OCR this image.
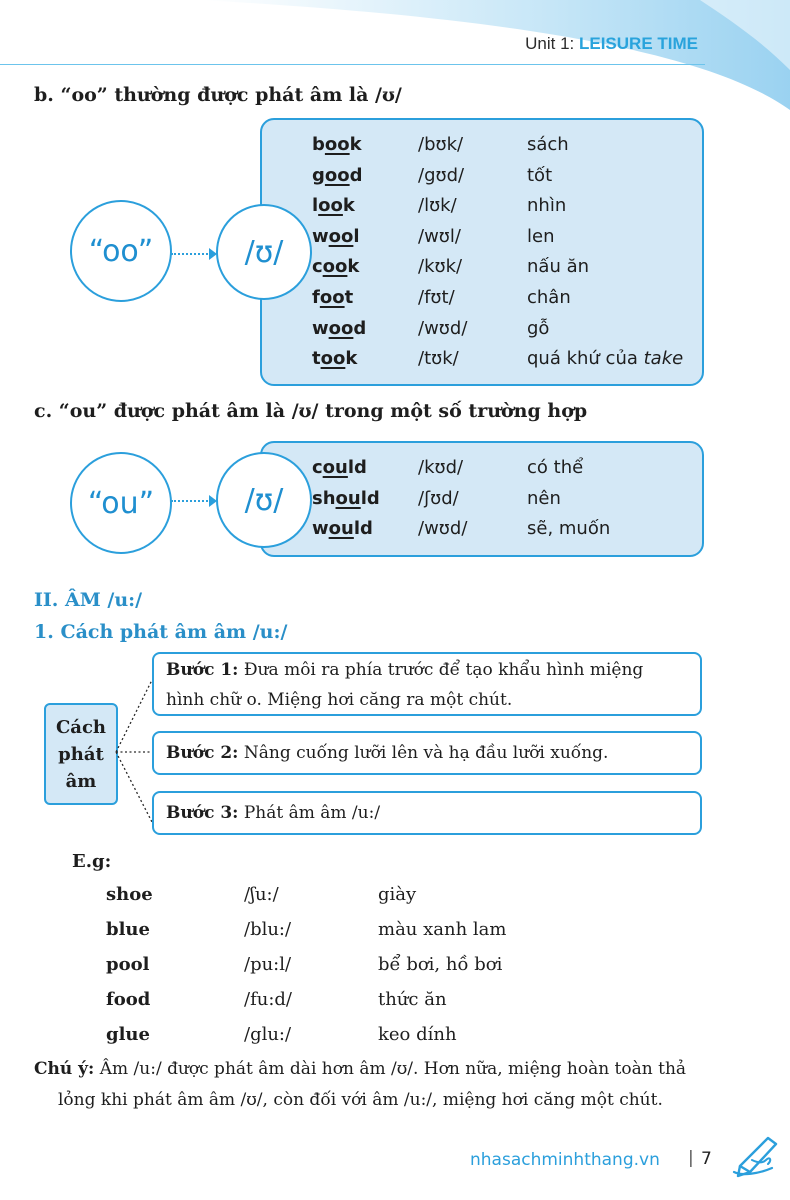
Unit 1: LEISURE TIME
b. “oo” thường được phát âm là /ʊ/
“oo”	/ʊ/
book	/bʊk/	sách
good	/gʊd/	tốt
look	/lʊk/	nhìn
wool	/wʊl/	len
cook	/kʊk/	nấu ăn
foot	/fʊt/	chân
wood	/wʊd/	gỗ
took	/tʊk/	quá khứ của take
c. “ou” được phát âm là /ʊ/ trong một số trường hợp
“ou”	/ʊ/
could	/kʊd/	có thể
should /ʃʊd/	nên
would	/wʊd/	sẽ, muốn
II. ÂM /u:/
1. Cách phát âm âm /u:/
Cách
phát
âm
Bước 1: Đưa môi ra phía trước để tạo khẩu hình miệng
hình chữ o. Miệng hơi căng ra một chút.
Bước 2: Nâng cuống lưỡi lên và hạ đầu lưỡi xuống.
Bước 3: Phát âm âm /u:/
E.g:
shoe	/ʃu:/	giày
blue	/blu:/	màu xanh lam
pool	/pu:l/	bể bơi, hồ bơi
food	/fu:d/	thức ăn
glue	/glu:/	keo dính
Chú ý: Âm /u:/ được phát âm dài hơn âm /ʊ/. Hơn nữa, miệng hoàn toàn thả
lỏng khi phát âm âm /ʊ/, còn đối với âm /u:/, miệng hơi căng một chút.
nhasachminhthang.vn | 7
